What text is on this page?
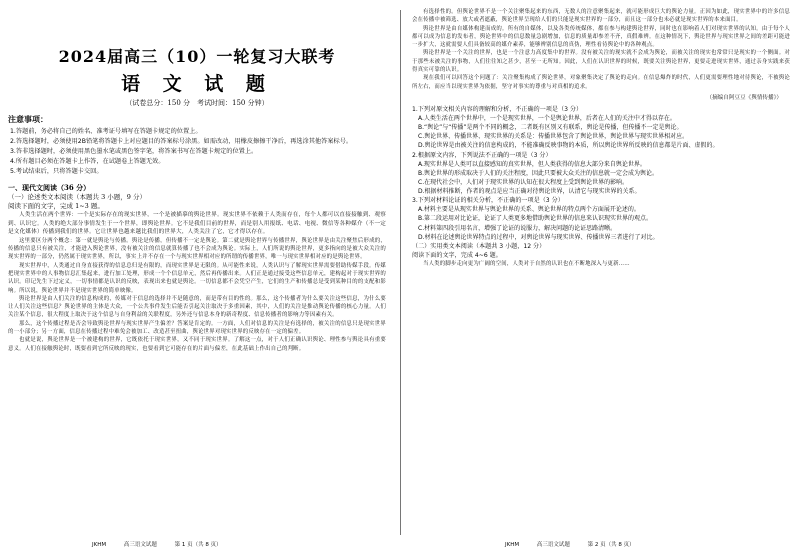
2024届高三（10）一轮复习大联考
语 文 试 题
（试卷总分：150 分　考试时间：150 分钟）
注意事项：

1.答题前，务必将自己的姓名、准考证号填写在答题卡规定的位置上。

2.答选择题时，必须使用2B铅笔将答题卡上对应题目的答案标号涂黑。如需改动，用橡皮擦擦干净后，再选涂其他答案标号。

3.答非选择题时，必须使用黑色墨水笔或黑色签字笔，将答案书写在答题卡规定的位置上。

4.所有题目必须在答题卡上作答，在试题卷上答题无效。

5.考试结束后，只将答题卡交回。

一、现代文阅读（36 分）
（一）论述类文本阅读（本题共 3 小题，9 分）
阅读下面的文字，完成 1~3 题。

人类生活在两个世界：一个是实际存在的现实世界，一个是被描摹的舆论世界。现实世界不依赖于人类而存在，每个人都可以直接接触到、观察到、认识它。人类的绝大部分事情发生于一个世界，即舆论世界。它不是我们目前的世界，而是别人用报纸、电话、电视、微信等各种媒介（不一定是文化媒体）传播到我们的世界。它让世界也越来越比我们的世界大，人类关注了它，它才得以存在。

这里要区分两个概念：第一就是舆论与传播。舆论是传播，但传播不一定是舆论。第二就是舆论世界与传播世界，舆论世界是由关注聚焦后形成的，传播的信息只有被关注，才能进入舆论世界，没有被关注的信息就算传播了也不会成为舆论。实际上，人们所说的舆论世界，更多指向的是被大众关注的现实世界的一部分，仍然属于现实世界，所以，事实上并不存在一个与现实世界相对应的所谓的传播世界，唯一与现实世界相对应的是舆论世界。

现实世界中，人类通过自身直接获得的信息总归是有限的，而现实世界是无限的。从可能性来说，人类认识与了解现实世界需要借助传媒手段。传媒把现实世界中的人事物信息汇集起来，进行加工处理，形成一个个信息单元，然后再传播出来。人们正是通过接受这些信息单元，建构起对于现实世界的认识。印记先生下过定义，一切事情都是认识的反映，表现出来也就是舆论。一切信息都不会凭空产生，它们的生产和传播总是受到某种目的的支配和影响。所以说，舆论世界并不是现实世界的简单映像。

舆论世界是由人们关注的信息构成的，传媒对于信息的选择并不是随意的，而是带有目的性的。那么，这个传播者为什么要关注这些信息，为什么要让人们关注这些信息？舆论世界的主体是大众，一个公共事件发生后能否引起关注取决于多重因素，其中，人们的关注是推动舆论传播的核心力量。人们关注某个信息，很大程度上取决于这个信息与自身利益的关联程度，另外还与信息本身的新奇程度、信息传播者的影响力等因素有关。

那么，这个传播过程是否会导致舆论世界与现实世界产生偏差？答案是肯定的。一方面，人们对信息的关注是有选择的，被关注的信息只是现实世界的一小部分；另一方面，信息在传播过程中难免会被加工、改造甚至扭曲，舆论世界对现实世界的反映存在一定的偏差。

也就是说，舆论世界是一个被建构的世界，它既依托于现实世界，又不同于现实世界。了解这一点，对于人们正确认识舆论、理性参与舆论具有重要意义。人们在接触舆论时，既要看到它所反映的现实，也要看到它可能存在的片面与偏差，在此基础上作出自己的判断。

有选择性的。但舆论世界不是一个关注聚集起来的东西，无数人的注意聚集起来，就可能形成巨大的舆论力量。正因为如此，现实世界中的许多信息会在传播中被筛选、放大或者遮蔽，舆论世界呈现给人们的只能是现实世界的一部分，而且这一部分也未必就是现实世界的本来面目。

舆论世界是由自媒体构建而成的。所有的自媒体，以及各类传统媒体，都在参与构建舆论世界，同时也在影响着人们对现实世界的认知。由于每个人都可以成为信息的发布者，舆论世界中的信息数量急剧增加，信息的质量却参差不齐，真假难辨。在这种情况下，舆论世界与现实世界之间的差距可能进一步扩大，这就需要人们具备较高的媒介素养，能够辨别信息的真伪，理性看待舆论中的各种观点。

舆论世界是一个关注的世界，也是一个注意力高度集中的世界。没有被关注的现实就不会成为舆论，而被关注的现实也常常只是现实的一个侧面。对于那些未被关注的事物，人们往往知之甚少，甚至一无所知。因此，人们在认识世界的时候，既要关注舆论世界，更要走进现实世界，通过亲身实践来获得真实可靠的认识。

现在我们可以回答这个问题了：关注聚集构成了舆论世界，对象聚集决定了舆论的走向。在信息爆炸的时代，人们更需要理性地对待舆论，不被舆论所左右，而应当以现实世界为依据，坚守对事实的尊重与对真相的追求。

（摘编自阿豆豆《舆情传播》）

1.下列对原文相关内容的理解和分析，不正确的一项是（3 分）

A.人类生活在两个世界中，一个是现实世界，一个是舆论世界，后者在人们的关注中才得以存在。

B.“舆论”与“传播”是两个不同的概念，二者既有区别又有联系，舆论是传播，但传播不一定是舆论。

C.舆论世界、传播世界、现实世界的关系是：传播世界包含了舆论世界，舆论世界与现实世界相对应。

D.舆论世界是由被关注的信息构成的，不能准确反映事物的本质，所以舆论世界所反映的信息都是片面、虚假的。

2.根据原文内容，下列说法不正确的一项是（3 分）

A.现实世界是人类可以直接感知的真实世界，但人类获得的信息大部分来自舆论世界。

B.舆论世界的形成取决于人们的关注程度，因此只要被大众关注的信息就一定会成为舆论。

C.在现代社会中，人们对于现实世界的认知在很大程度上受到舆论世界的影响。

D.根据材料推断，作者的观点是应当正确对待舆论世界，认清它与现实世界的关系。

3.下列对材料论证的相关分析，不正确的一项是（3 分）

A.材料主要是从现实世界与舆论世界的关系、舆论世界的特点两个方面展开论述的。

B.第二段运用对比论证，论证了人类更多地借助舆论世界的信息来认识现实世界的观点。

C.材料第四段引用名言，增强了论证的说服力，解决问题的论证思路清晰。

D.材料在论述舆论世界特点的过程中，对舆论世界与现实世界、传播世界三者进行了对比。

（二）实用类文本阅读（本题共 3 小题，12 分）

阅读下面的文字，完成 4~6 题。

当人类的脚步走向更为广阔的空间，人类对于自然的认识也在不断地深入与更新……

JKHM	高三语文试题	第 1 页（共 8 页）	JKHM	高三语文试题	第 2 页（共 8 页）
